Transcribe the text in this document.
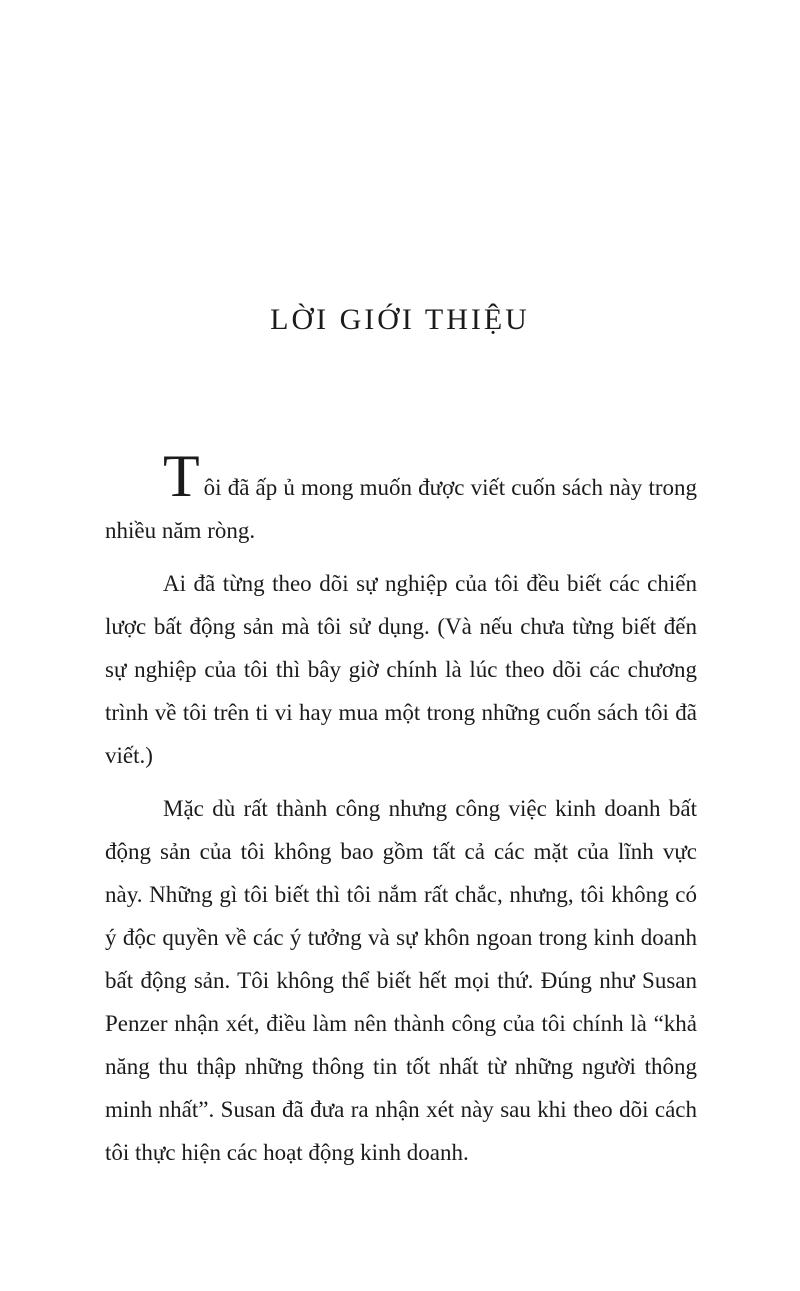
LỜI GIỚI THIỆU

Tôi đã ấp ủ mong muốn được viết cuốn sách này trong nhiều năm ròng.

Ai đã từng theo dõi sự nghiệp của tôi đều biết các chiến lược bất động sản mà tôi sử dụng. (Và nếu chưa từng biết đến sự nghiệp của tôi thì bây giờ chính là lúc theo dõi các chương trình về tôi trên ti vi hay mua một trong những cuốn sách tôi đã viết.)

Mặc dù rất thành công nhưng công việc kinh doanh bất động sản của tôi không bao gồm tất cả các mặt của lĩnh vực này. Những gì tôi biết thì tôi nắm rất chắc, nhưng, tôi không có ý độc quyền về các ý tưởng và sự khôn ngoan trong kinh doanh bất động sản. Tôi không thể biết hết mọi thứ. Đúng như Susan Penzer nhận xét, điều làm nên thành công của tôi chính là “khả năng thu thập những thông tin tốt nhất từ những người thông minh nhất”. Susan đã đưa ra nhận xét này sau khi theo dõi cách tôi thực hiện các hoạt động kinh doanh.
